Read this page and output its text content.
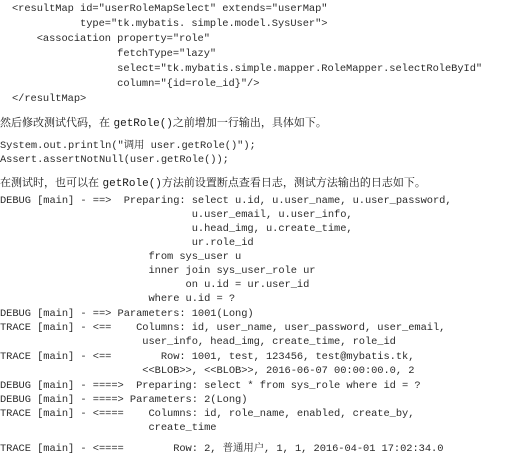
<resultMap id="userRoleMapSelect" extends="userMap"
type="tk.mybatis. simple.model.SysUser">
<association property="role"
fetchType="lazy"
select="tk.mybatis.simple.mapper.RoleMapper.selectRoleById"
column="{id=role_id}"/>
</resultMap>
然后修改测试代码，在 getRole()之前增加一行输出，具体如下。
System.out.println("调用 user.getRole()");
Assert.assertNotNull(user.getRole());
在测试时，也可以在 getRole()方法前设置断点查看日志，测试方法输出的日志如下。
DEBUG [main] - ==>  Preparing: select u.id, u.user_name, u.user_password,
u.user_email, u.user_info,
u.head_img, u.create_time,
ur.role_id
from sys_user u
inner join sys_user_role ur
on u.id = ur.user_id
where u.id = ?
DEBUG [main] - ==> Parameters: 1001(Long)
TRACE [main] - <==    Columns: id, user_name, user_password, user_email,
user_info, head_img, create_time, role_id
TRACE [main] - <==        Row: 1001, test, 123456, test@mybatis.tk,
<<BLOB>>, <<BLOB>>, 2016-06-07 00:00:00.0, 2
DEBUG [main] - ====>  Preparing: select * from sys_role where id = ?
DEBUG [main] - ====> Parameters: 2(Long)
TRACE [main] - <====    Columns: id, role_name, enabled, create_by,
create_time
TRACE [main] - <====        Row: 2, 普通用户, 1, 1, 2016-04-01 17:02:34.0
